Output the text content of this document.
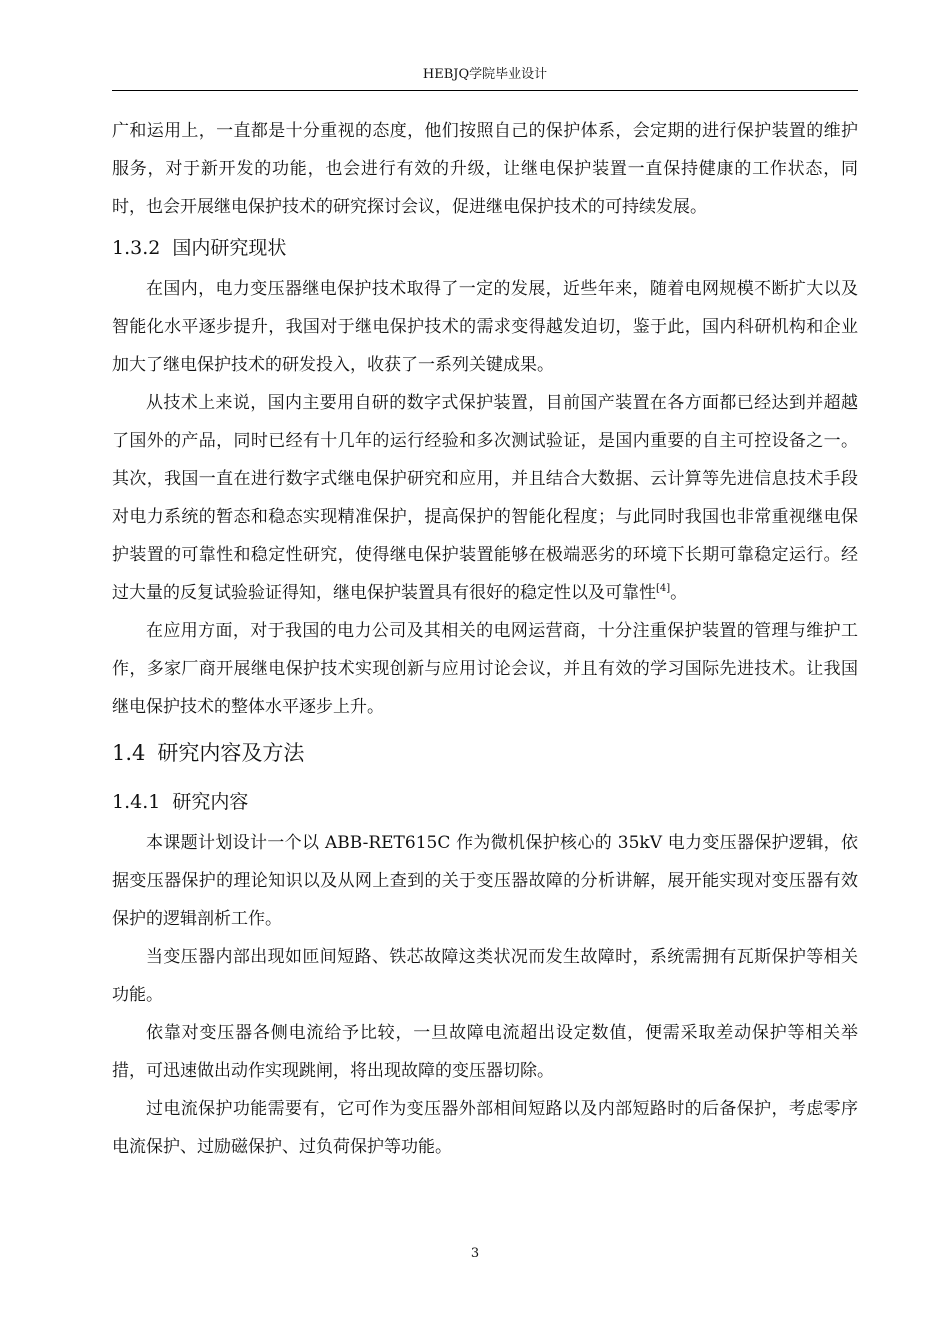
HEBJQ学院毕业设计

广和运用上，一直都是十分重视的态度，他们按照自己的保护体系，会定期的进行保护装置的维护服务，对于新开发的功能，也会进行有效的升级，让继电保护装置一直保持健康的工作状态，同时，也会开展继电保护技术的研究探讨会议，促进继电保护技术的可持续发展。

1.3.2 国内研究现状

在国内，电力变压器继电保护技术取得了一定的发展，近些年来，随着电网规模不断扩大以及智能化水平逐步提升，我国对于继电保护技术的需求变得越发迫切，鉴于此，国内科研机构和企业加大了继电保护技术的研发投入，收获了一系列关键成果。

从技术上来说，国内主要用自研的数字式保护装置，目前国产装置在各方面都已经达到并超越了国外的产品，同时已经有十几年的运行经验和多次测试验证，是国内重要的自主可控设备之一。其次，我国一直在进行数字式继电保护研究和应用，并且结合大数据、云计算等先进信息技术手段对电力系统的暂态和稳态实现精准保护，提高保护的智能化程度；与此同时我国也非常重视继电保护装置的可靠性和稳定性研究，使得继电保护装置能够在极端恶劣的环境下长期可靠稳定运行。经过大量的反复试验验证得知，继电保护装置具有很好的稳定性以及可靠性[4]。

在应用方面，对于我国的电力公司及其相关的电网运营商，十分注重保护装置的管理与维护工作，多家厂商开展继电保护技术实现创新与应用讨论会议，并且有效的学习国际先进技术。让我国继电保护技术的整体水平逐步上升。

1.4 研究内容及方法
1.4.1 研究内容

本课题计划设计一个以 ABB-RET615C 作为微机保护核心的 35kV 电力变压器保护逻辑，依据变压器保护的理论知识以及从网上查到的关于变压器故障的分析讲解，展开能实现对变压器有效保护的逻辑剖析工作。

当变压器内部出现如匝间短路、铁芯故障这类状况而发生故障时，系统需拥有瓦斯保护等相关功能。

依靠对变压器各侧电流给予比较，一旦故障电流超出设定数值，便需采取差动保护等相关举措，可迅速做出动作实现跳闸，将出现故障的变压器切除。

过电流保护功能需要有，它可作为变压器外部相间短路以及内部短路时的后备保护，考虑零序电流保护、过励磁保护、过负荷保护等功能。

3
